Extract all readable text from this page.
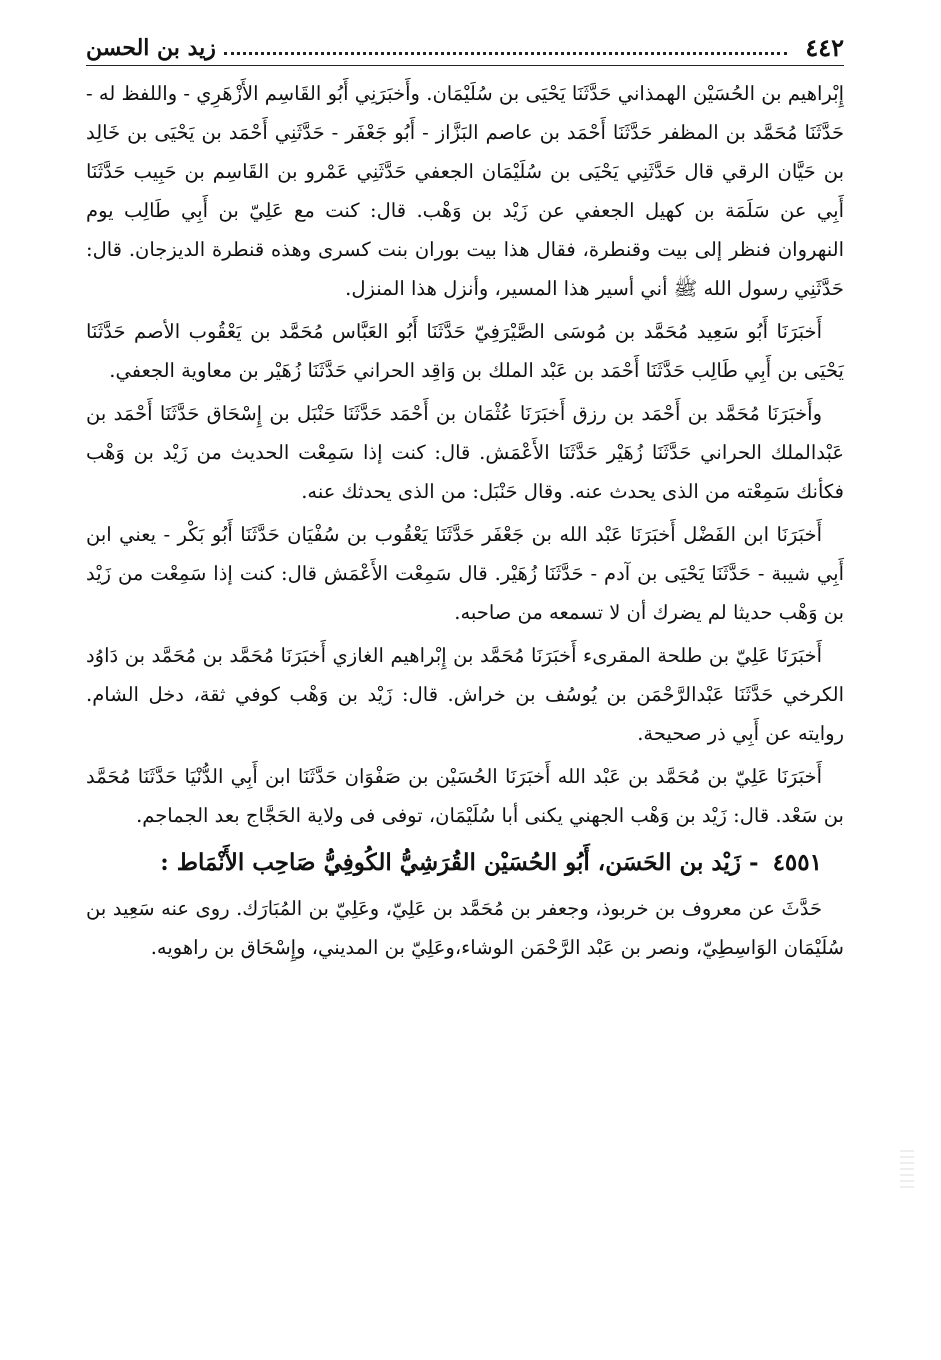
٤٤٢
زيد بن الحسن

إِبْراهيم بن الحُسَيْن الهمذاني حَدَّثَنَا يَحْيَى بن سُلَيْمَان. وأَخبَرَنِي أَبُو القَاسِم الأَزْهَرِي - واللفظ له - حَدَّثَنَا مُحَمَّد بن المظفر حَدَّثَنَا أَحْمَد بن عاصم البَزَّاز - أَبُو جَعْفَر - حَدَّثَنِي أَحْمَد بن يَحْيَى بن خَالِد بن حَيَّان الرقي قال حَدَّثَنِي يَحْيَى بن سُلَيْمَان الجعفي حَدَّثَنِي عَمْرو بن القَاسِم بن حَبِيب حَدَّثَنَا أَبِي عن سَلَمَة بن كهيل الجعفي عن زَيْد بن وَهْب. قال: كنت مع عَلِيّ بن أَبِي طَالِب يوم النهروان فنظر إلى بيت وقنطرة، فقال هذا بيت بوران بنت كسرى وهذه قنطرة الديزجان. قال: حَدَّثَنِي رسول الله ﷺ أني أسير هذا المسير، وأنزل هذا المنزل.

أَخبَرَنَا أَبُو سَعِيد مُحَمَّد بن مُوسَى الصَّيْرَفِيّ حَدَّثَنَا أَبُو العَبَّاس مُحَمَّد بن يَعْقُوب الأصم حَدَّثَنَا يَحْيَى بن أَبِي طَالِب حَدَّثَنَا أَحْمَد بن عَبْد الملك بن وَاقِد الحراني حَدَّثَنَا زُهَيْر بن معاوية الجعفي.

وأَخبَرَنَا مُحَمَّد بن أَحْمَد بن رزق أَخبَرَنَا عُثْمَان بن أَحْمَد حَدَّثَنَا حَنْبَل بن إِسْحَاق حَدَّثَنَا أَحْمَد بن عَبْدالملك الحراني حَدَّثَنَا زُهَيْر حَدَّثَنَا الأَعْمَش. قال: كنت إذا سَمِعْت الحديث من زَيْد بن وَهْب فكأنك سَمِعْته من الذى يحدث عنه. وقال حَنْبَل: من الذى يحدثك عنه.

أَخبَرَنَا ابن الفَضْل أَخبَرَنَا عَبْد الله بن جَعْفَر حَدَّثَنَا يَعْقُوب بن سُفْيَان حَدَّثَنَا أَبُو بَكْر - يعني ابن أَبِي شيبة - حَدَّثَنَا يَحْيَى بن آدم - حَدَّثَنَا زُهَيْر. قال سَمِعْت الأَعْمَش قال: كنت إذا سَمِعْت من زَيْد بن وَهْب حديثا لم يضرك أن لا تسمعه من صاحبه.

أَخبَرَنَا عَلِيّ بن طلحة المقرىء أَخبَرَنَا مُحَمَّد بن إِبْراهيم الغازي أَخبَرَنَا مُحَمَّد بن مُحَمَّد بن دَاوُد الكرخي حَدَّثَنَا عَبْدالرَّحْمَن بن يُوسُف بن خراش. قال: زَيْد بن وَهْب كوفي ثقة، دخل الشام. روايته عن أَبِي ذر صحيحة.

أَخبَرَنَا عَلِيّ بن مُحَمَّد بن عَبْد الله أَخبَرَنَا الحُسَيْن بن صَفْوَان حَدَّثَنَا ابن أَبِي الدُّنْيَا حَدَّثَنَا مُحَمَّد بن سَعْد. قال: زَيْد بن وَهْب الجهني يكنى أبا سُلَيْمَان، توفى فى ولاية الحَجَّاج بعد الجماجم.

٤٥٥١ - زَيْد بن الحَسَن، أَبُو الحُسَيْن القُرَشِيُّ الكُوفِيُّ صَاحِب الأَنْمَاط :

حَدَّثَ عن معروف بن خربوذ، وجعفر بن مُحَمَّد بن عَلِيّ، وعَلِيّ بن المُبَارَك. روى عنه سَعِيد بن سُلَيْمَان الوَاسِطِيّ، ونصر بن عَبْد الرَّحْمَن الوشاء،وعَلِيّ بن المديني، وإِسْحَاق بن راهويه.
